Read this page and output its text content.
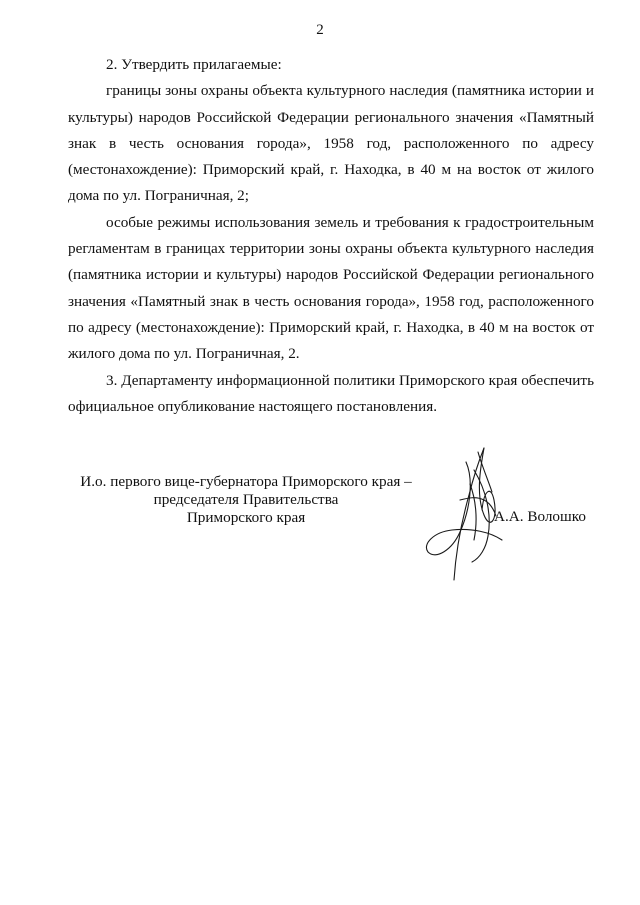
2

2. Утвердить прилагаемые:

границы зоны охраны объекта культурного наследия (памятника истории и культуры) народов Российской Федерации регионального значения «Памятный знак в честь основания города», 1958 год, расположенного по адресу (местонахождение): Приморский край, г. Находка, в 40 м на восток от жилого дома по ул. Пограничная, 2;

особые режимы использования земель и требования к градостроительным регламентам в границах территории зоны охраны объекта культурного наследия (памятника истории и культуры) народов Российской Федерации регионального значения «Памятный знак в честь основания города», 1958 год, расположенного по адресу (местонахождение): Приморский край, г. Находка, в 40 м на восток от жилого дома по ул. Пограничная, 2.

3. Департаменту информационной политики Приморского края обеспечить официальное опубликование настоящего постановления.

И.о. первого вице-губернатора Приморского края –
председателя Правительства
Приморского края	А.А. Волошко
